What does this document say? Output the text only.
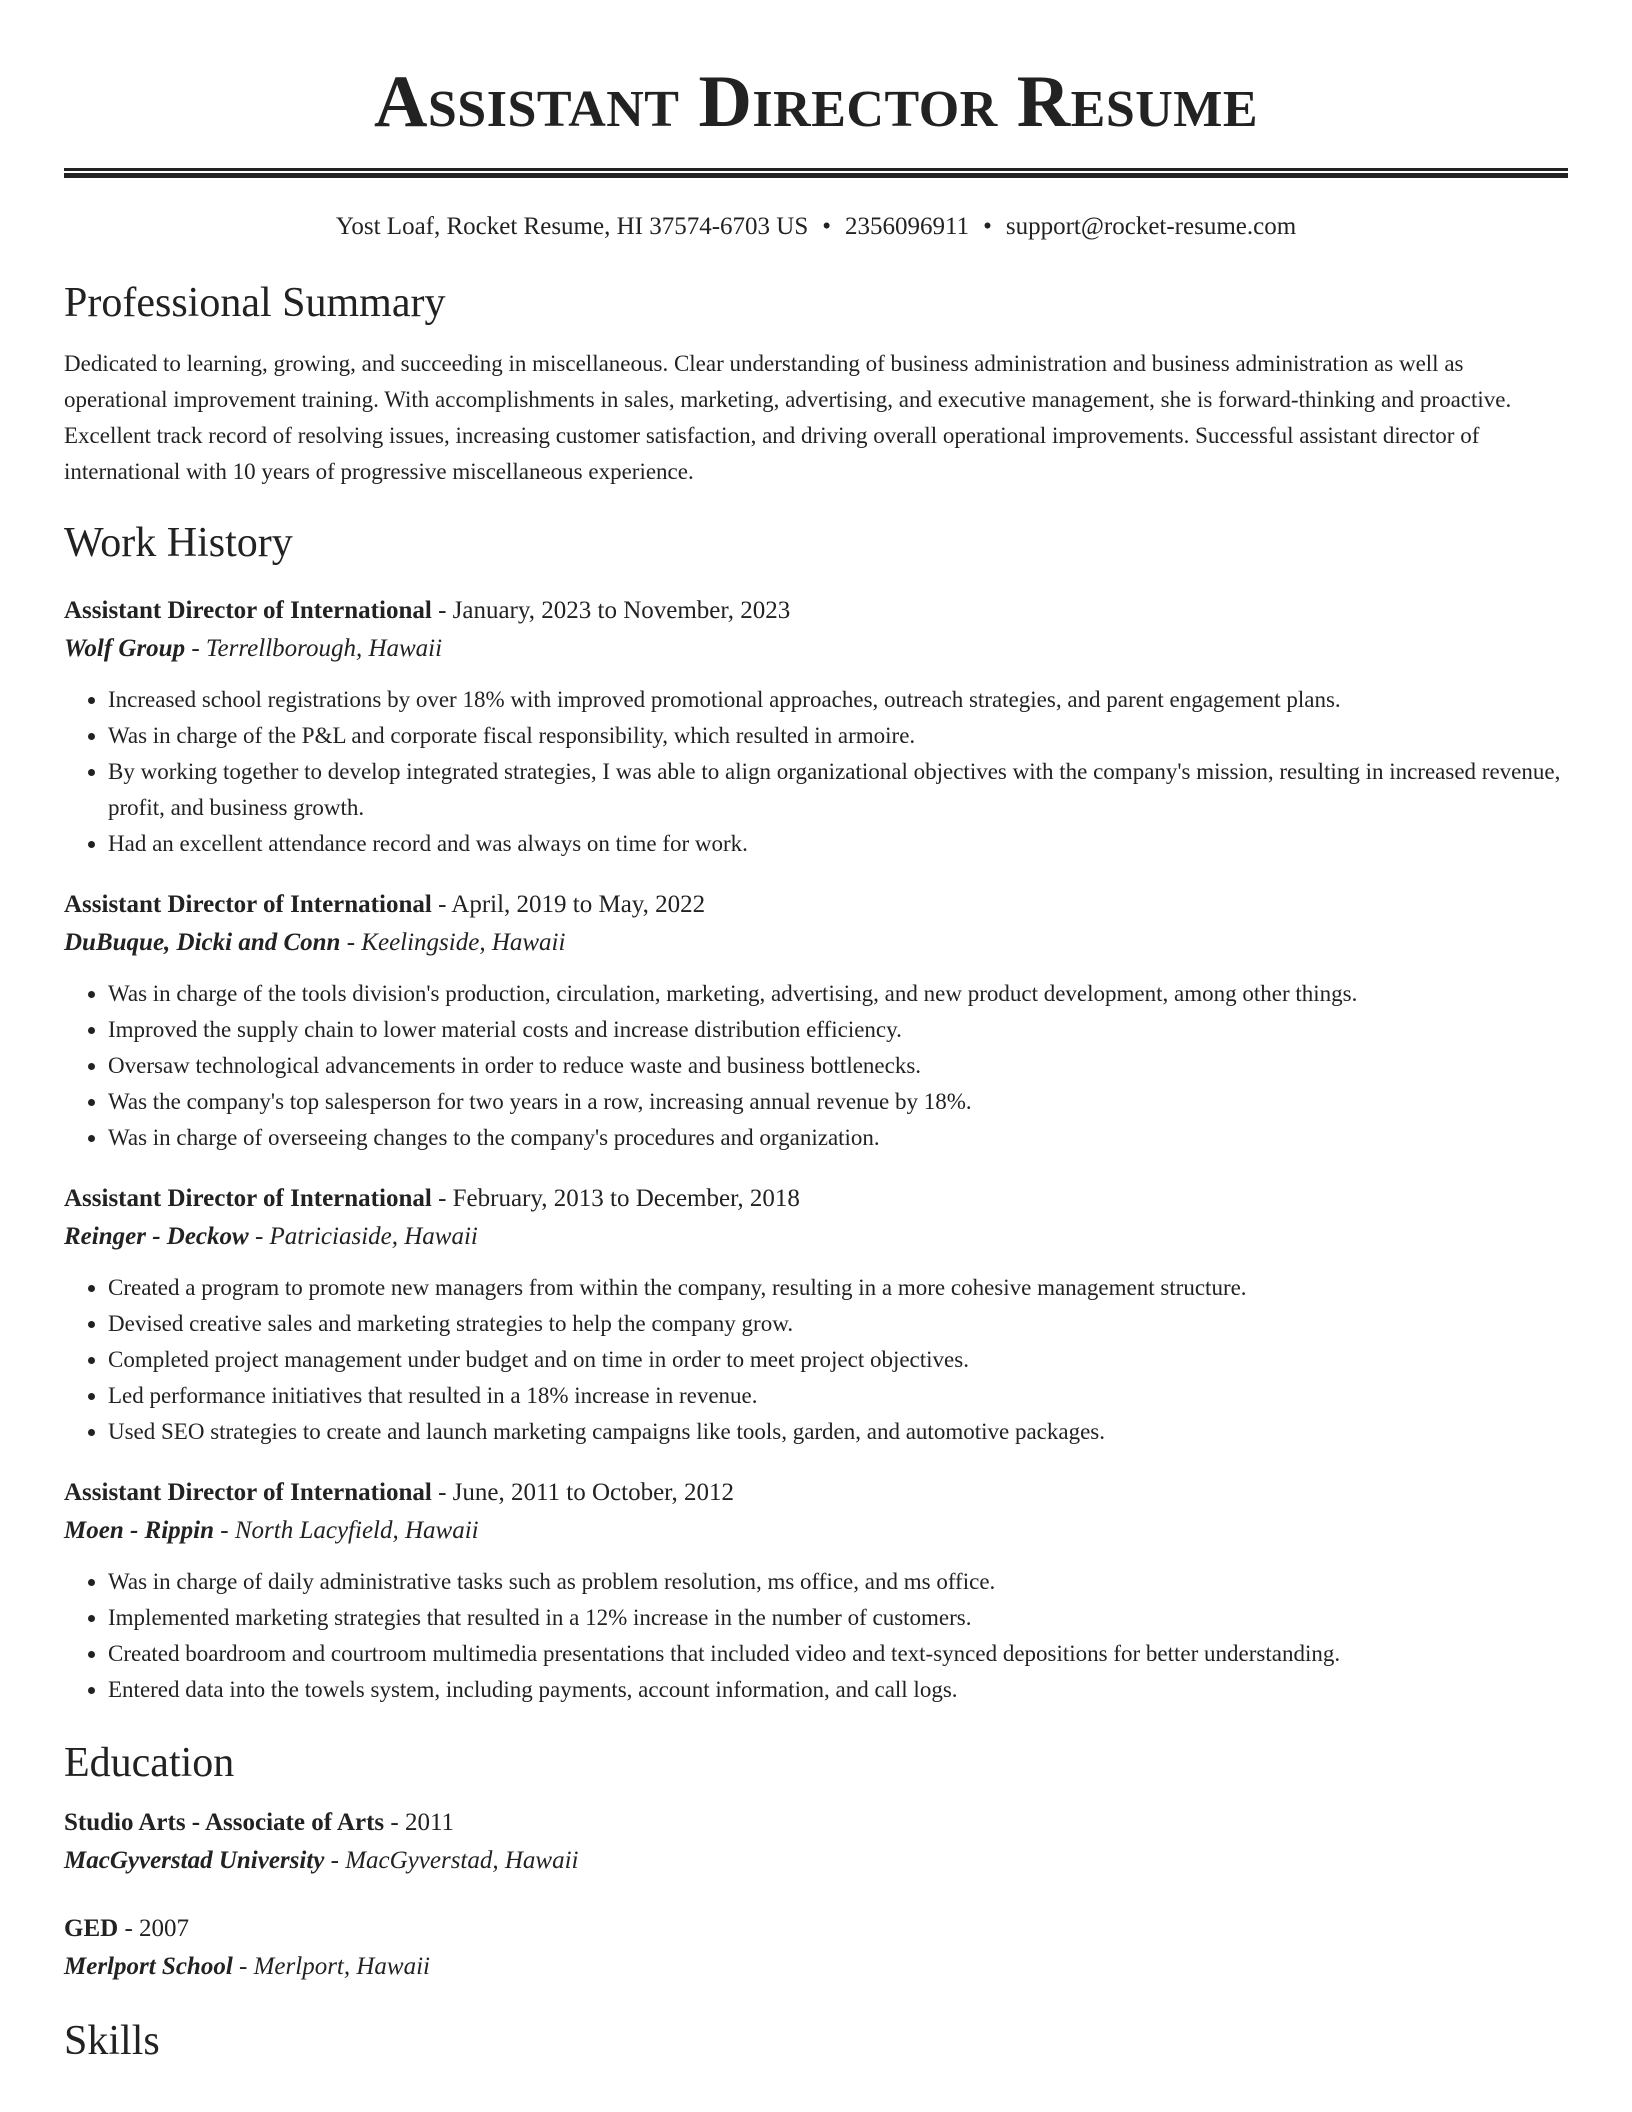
Assistant Director Resume
Yost Loaf, Rocket Resume, HI 37574-6703 US • 2356096911 • support@rocket-resume.com
Professional Summary
Dedicated to learning, growing, and succeeding in miscellaneous. Clear understanding of business administration and business administration as well as operational improvement training. With accomplishments in sales, marketing, advertising, and executive management, she is forward-thinking and proactive. Excellent track record of resolving issues, increasing customer satisfaction, and driving overall operational improvements. Successful assistant director of international with 10 years of progressive miscellaneous experience.
Work History
Assistant Director of International - January, 2023 to November, 2023
Wolf Group - Terrellborough, Hawaii
• Increased school registrations by over 18% with improved promotional approaches, outreach strategies, and parent engagement plans.
• Was in charge of the P&L and corporate fiscal responsibility, which resulted in armoire.
• By working together to develop integrated strategies, I was able to align organizational objectives with the company's mission, resulting in increased revenue, profit, and business growth.
• Had an excellent attendance record and was always on time for work.
Assistant Director of International - April, 2019 to May, 2022
DuBuque, Dicki and Conn - Keelingside, Hawaii
• Was in charge of the tools division's production, circulation, marketing, advertising, and new product development, among other things.
• Improved the supply chain to lower material costs and increase distribution efficiency.
• Oversaw technological advancements in order to reduce waste and business bottlenecks.
• Was the company's top salesperson for two years in a row, increasing annual revenue by 18%.
• Was in charge of overseeing changes to the company's procedures and organization.
Assistant Director of International - February, 2013 to December, 2018
Reinger - Deckow - Patriciaside, Hawaii
• Created a program to promote new managers from within the company, resulting in a more cohesive management structure.
• Devised creative sales and marketing strategies to help the company grow.
• Completed project management under budget and on time in order to meet project objectives.
• Led performance initiatives that resulted in a 18% increase in revenue.
• Used SEO strategies to create and launch marketing campaigns like tools, garden, and automotive packages.
Assistant Director of International - June, 2011 to October, 2012
Moen - Rippin - North Lacyfield, Hawaii
• Was in charge of daily administrative tasks such as problem resolution, ms office, and ms office.
• Implemented marketing strategies that resulted in a 12% increase in the number of customers.
• Created boardroom and courtroom multimedia presentations that included video and text-synced depositions for better understanding.
• Entered data into the towels system, including payments, account information, and call logs.
Education
Studio Arts - Associate of Arts - 2011
MacGyverstad University - MacGyverstad, Hawaii
GED - 2007
Merlport School - Merlport, Hawaii
Skills
